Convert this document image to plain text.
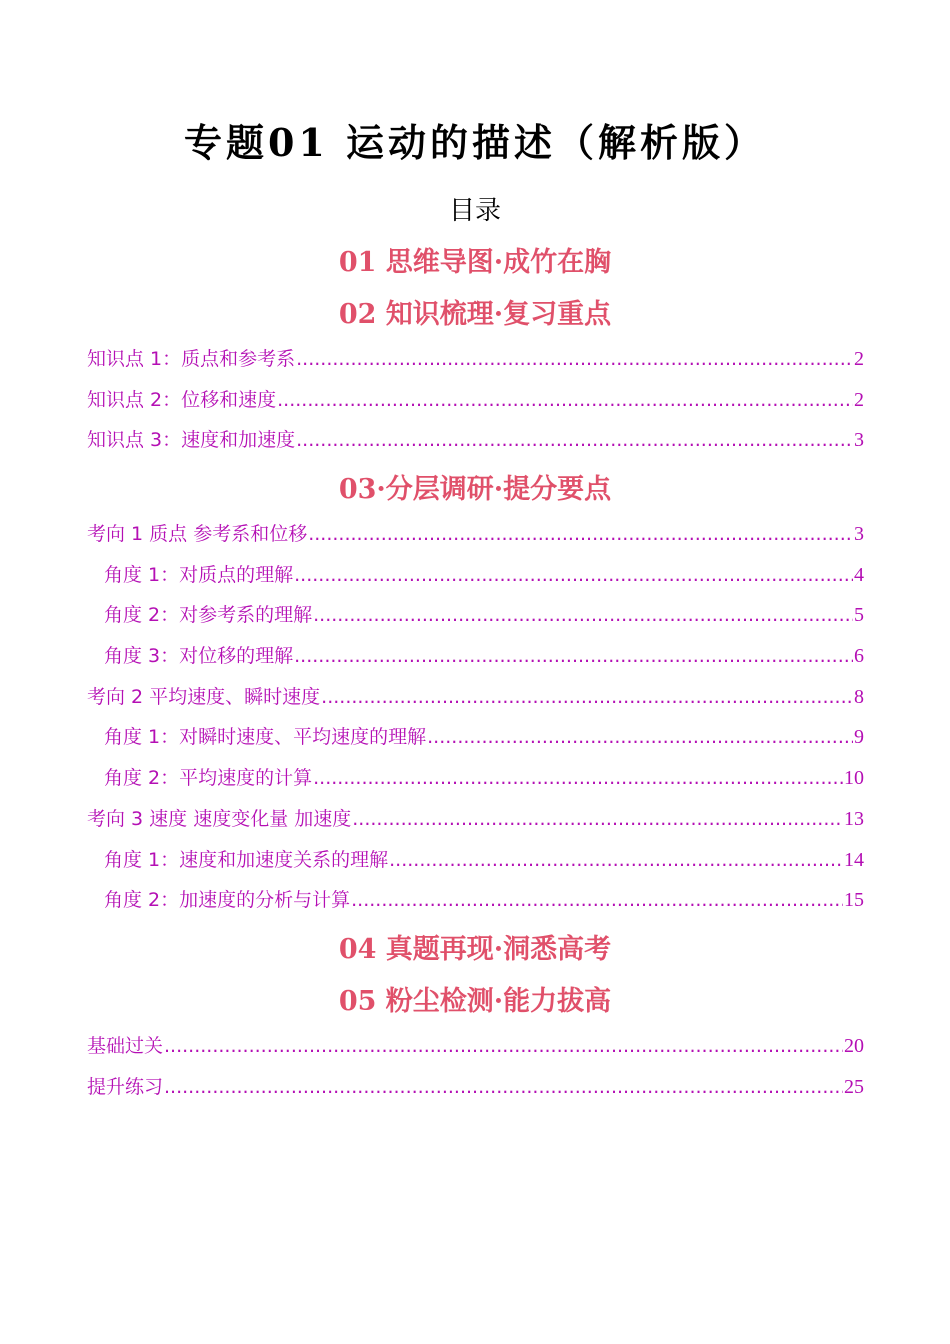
专题01 运动的描述（解析版）
目录
01 思维导图·成竹在胸
02 知识梳理·复习重点
知识点 1：质点和参考系 .....	2
知识点 2：位移和速度 .....	2
知识点 3：速度和加速度 .....	3
03·分层调研·提分要点
考向 1 质点 参考系和位移 .....	3
角度 1：对质点的理解 .....	4
角度 2：对参考系的理解 .....	5
角度 3：对位移的理解 .....	6
考向 2 平均速度、瞬时速度 .....	8
角度 1：对瞬时速度、平均速度的理解 .....	9
角度 2：平均速度的计算 .....	10
考向 3 速度 速度变化量 加速度 .....	13
角度 1：速度和加速度关系的理解 .....	14
角度 2：加速度的分析与计算 .....	15
04 真题再现·洞悉高考
05 粉尘检测·能力拔高
基础过关 .....	20
提升练习 .....	25
